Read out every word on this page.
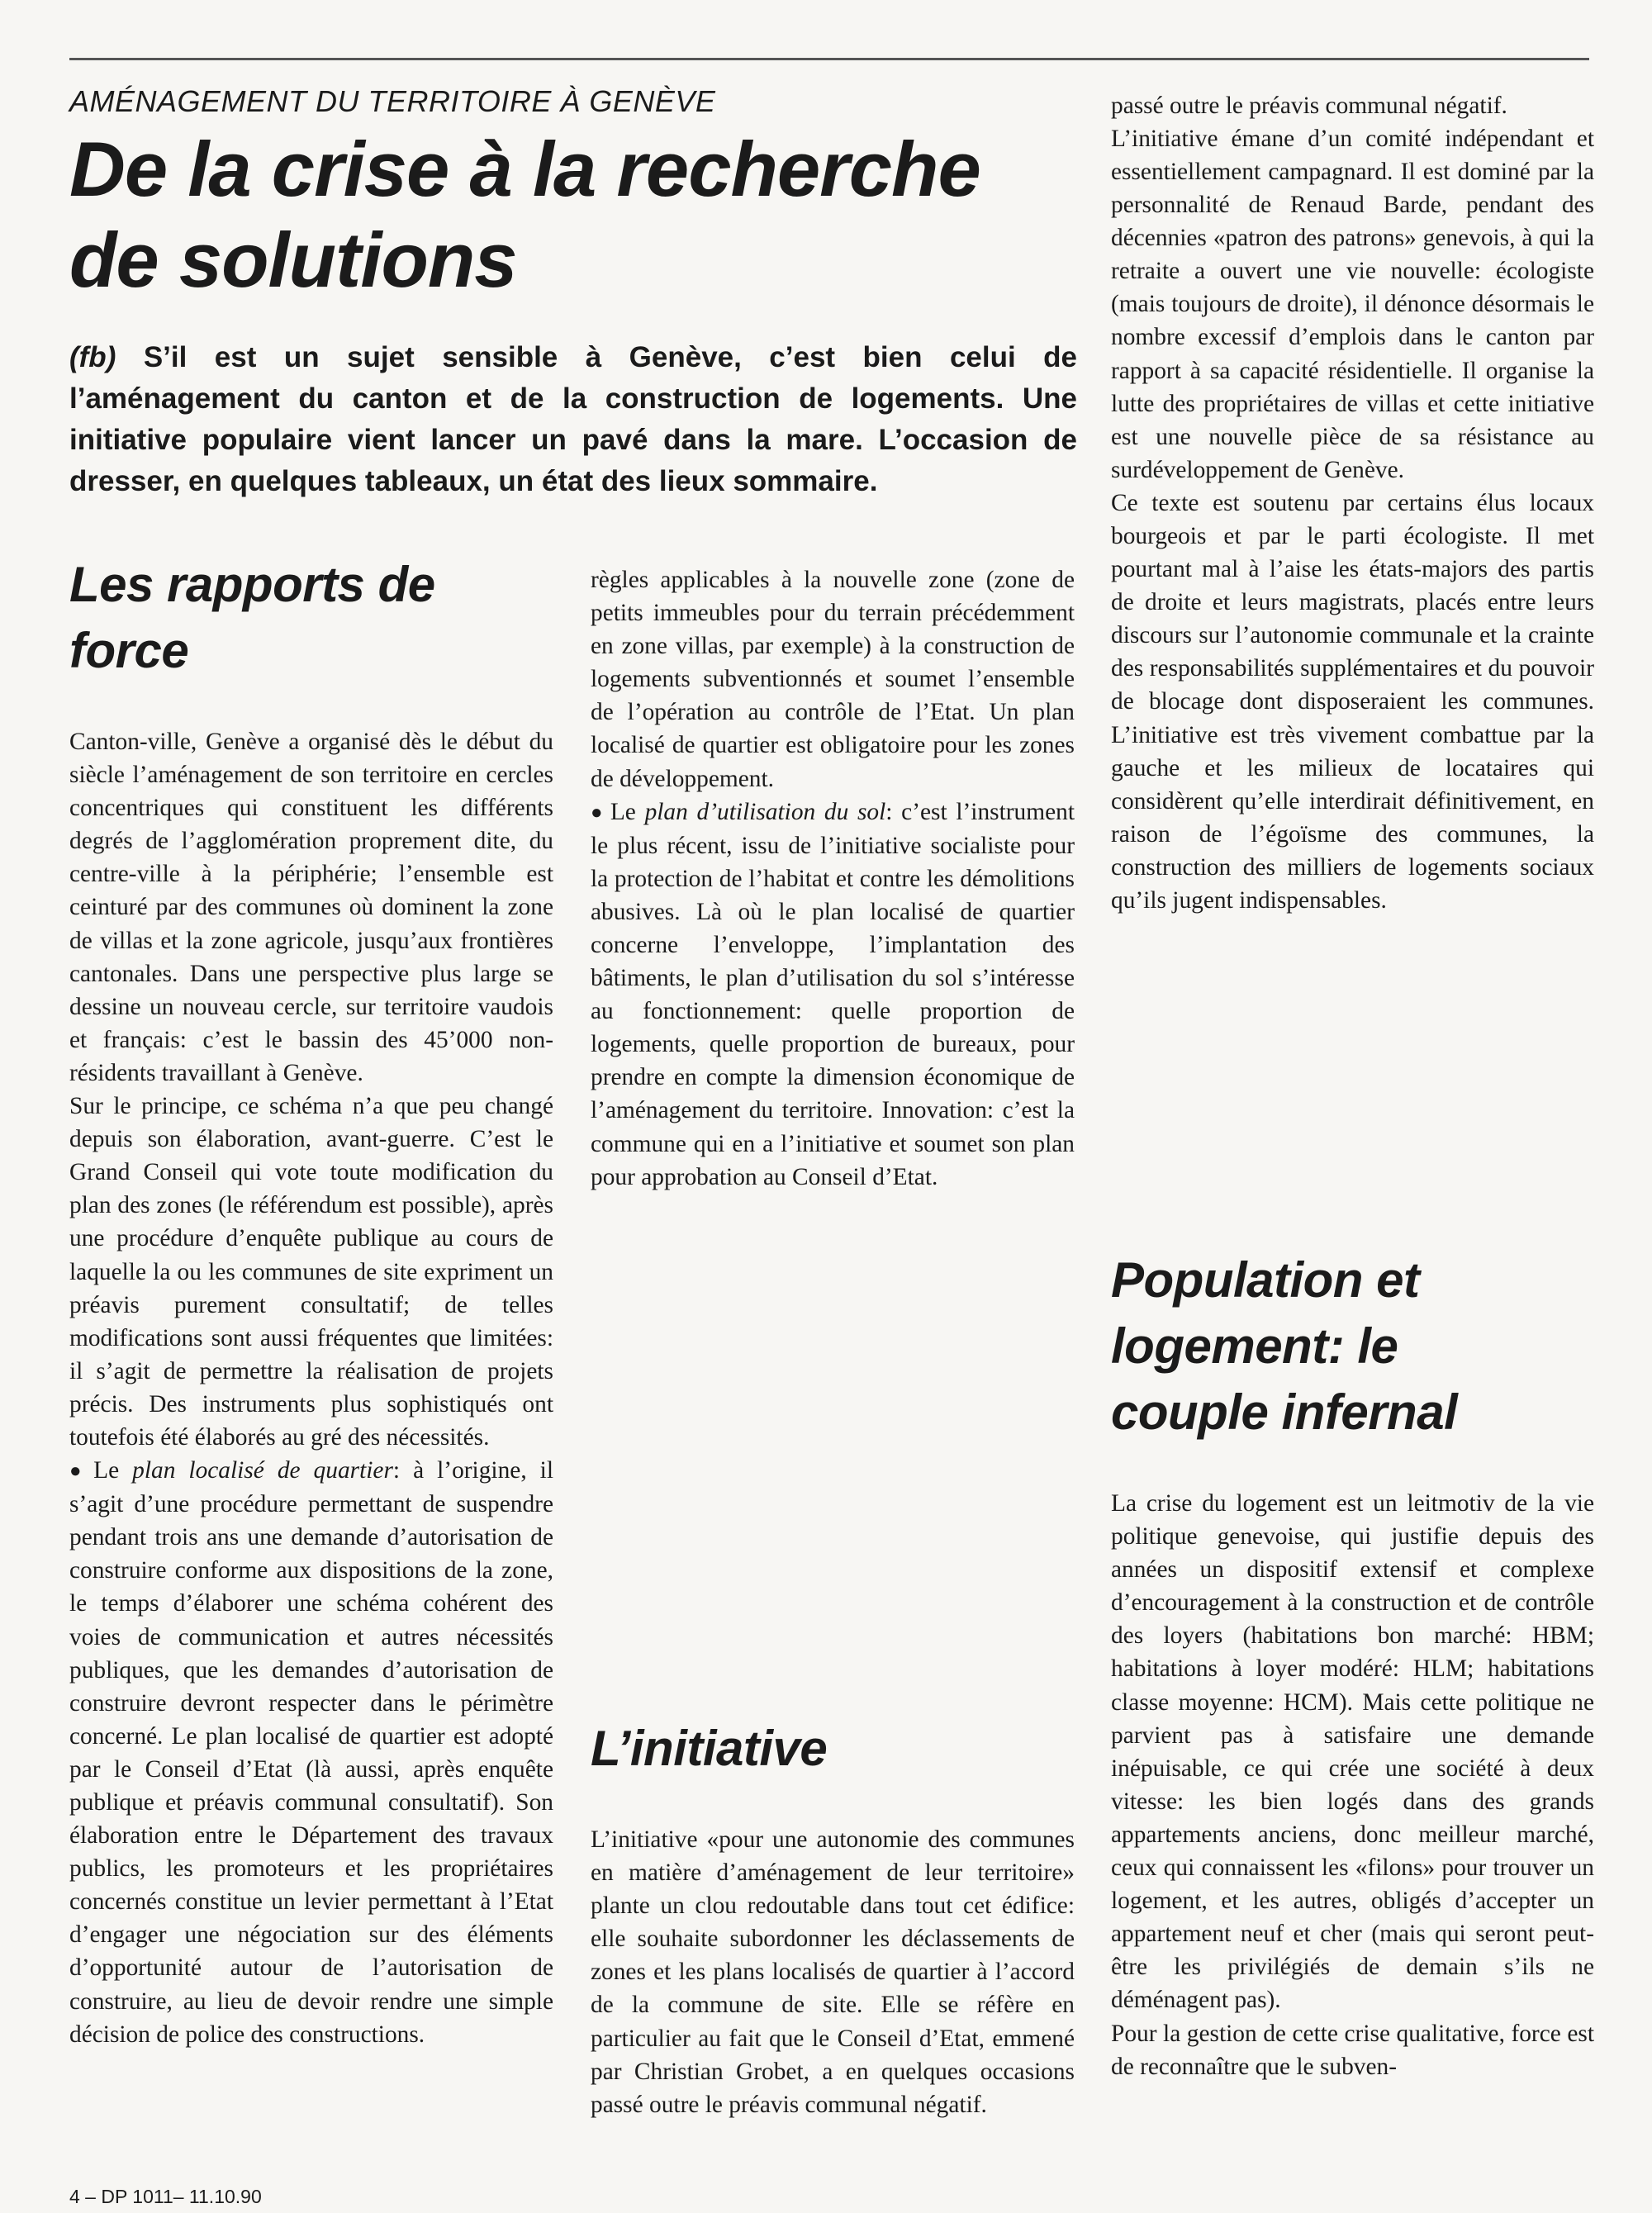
AMÉNAGEMENT DU TERRITOIRE À GENÈVE
De la crise à la recherche
de solutions

(fb) S’il est un sujet sensible à Genève, c’est bien celui de l’aménagement du canton et de la construction de logements. Une initiative populaire vient lancer un pavé dans la mare. L’occasion de dresser, en quelques tableaux, un état des lieux sommaire.

Les rapports de
force

Canton-ville, Genève a organisé dès le début du siècle l’aménagement de son territoire en cercles concentriques qui constituent les différents degrés de l’agglomération proprement dite, du centre-ville à la périphérie; l’ensemble est ceinturé par des communes où dominent la zone de villas et la zone agricole, jusqu’aux frontières cantonales. Dans une perspective plus large se dessine un nouveau cercle, sur territoire vaudois et français: c’est le bassin des 45’000 non-résidents travaillant à Genève.

Sur le principe, ce schéma n’a que peu changé depuis son élaboration, avant-guerre. C’est le Grand Conseil qui vote toute modification du plan des zones (le référendum est possible), après une procédure d’enquête publique au cours de laquelle la ou les communes de site expriment un préavis purement consultatif; de telles modifications sont aussi fréquentes que limitées: il s’agit de permettre la réalisation de projets précis. Des instruments plus sophistiqués ont toutefois été élaborés au gré des nécessités.

● Le plan localisé de quartier: à l’origine, il s’agit d’une procédure permettant de suspendre pendant trois ans une demande d’autorisation de construire conforme aux dispositions de la zone, le temps d’élaborer une schéma cohérent des voies de communication et autres nécessités publiques, que les demandes d’autorisation de construire devront respecter dans le périmètre concerné. Le plan localisé de quartier est adopté par le Conseil d’Etat (là aussi, après enquête publique et préavis communal consultatif). Son élaboration entre le Département des travaux publics, les promoteurs et les propriétaires concernés constitue un levier permettant à l’Etat d’engager une négociation sur des éléments d’opportunité autour de l’autorisation de construire, au lieu de devoir rendre une simple décision de police des constructions.

● règles applicables à la nouvelle zone (zone de petits immeubles pour du terrain précédemment en zone villas, par exemple) à la construction de logements subventionnés et soumet l’ensemble de l’opération au contrôle de l’Etat. Un plan localisé de quartier est obligatoire pour les zones de développement.

● Le plan d’utilisation du sol: c’est l’instrument le plus récent, issu de l’initiative socialiste pour la protection de l’habitat et contre les démolitions abusives. Là où le plan localisé de quartier concerne l’enveloppe, l’implantation des bâtiments, le plan d’utilisation du sol s’intéresse au fonctionnement: quelle proportion de logements, quelle proportion de bureaux, pour prendre en compte la dimension économique de l’aménagement du territoire. Innovation: c’est la commune qui en a l’initiative et soumet son plan pour approbation au Conseil d’Etat.

L’initiative

L’initiative «pour une autonomie des communes en matière d’aménagement de leur territoire» plante un clou redoutable dans tout cet édifice: elle souhaite subordonner les déclassements de zones et les plans localisés de quartier à l’accord de la commune de site. Elle se réfère en particulier au fait que le Conseil d’Etat, emmené par Christian Grobet, a en quelques occasions passé outre le préavis communal négatif.

passé outre le préavis communal négatif.

L’initiative émane d’un comité indépendant et essentiellement campagnard. Il est dominé par la personnalité de Renaud Barde, pendant des décennies «patron des patrons» genevois, à qui la retraite a ouvert une vie nouvelle: écologiste (mais toujours de droite), il dénonce désormais le nombre excessif d’emplois dans le canton par rapport à sa capacité résidentielle. Il organise la lutte des propriétaires de villas et cette initiative est une nouvelle pièce de sa résistance au surdéveloppement de Genève.

Ce texte est soutenu par certains élus locaux bourgeois et par le parti écologiste. Il met pourtant mal à l’aise les états-majors des partis de droite et leurs magistrats, placés entre leurs discours sur l’autonomie communale et la crainte des responsabilités supplémentaires et du pouvoir de blocage dont disposeraient les communes. L’initiative est très vivement combattue par la gauche et les milieux de locataires qui considèrent qu’elle interdirait définitivement, en raison de l’égoïsme des communes, la construction des milliers de logements sociaux qu’ils jugent indispensables.

Population et
logement: le
couple infernal

La crise du logement est un leitmotiv de la vie politique genevoise, qui justifie depuis des années un dispositif extensif et complexe d’encouragement à la construction et de contrôle des loyers (habitations bon marché: HBM; habitations à loyer modéré: HLM; habitations classe moyenne: HCM). Mais cette politique ne parvient pas à satisfaire une demande inépuisable, ce qui crée une société à deux vitesse: les bien logés dans des grands appartements anciens, donc meilleur marché, ceux qui connaissent les «filons» pour trouver un logement, et les autres, obligés d’accepter un appartement neuf et cher (mais qui seront peut-être les privilégiés de demain s’ils ne déménagent pas).

Pour la gestion de cette crise qualitative, force est de reconnaître que le subven-

4 – DP 1011– 11.10.90
